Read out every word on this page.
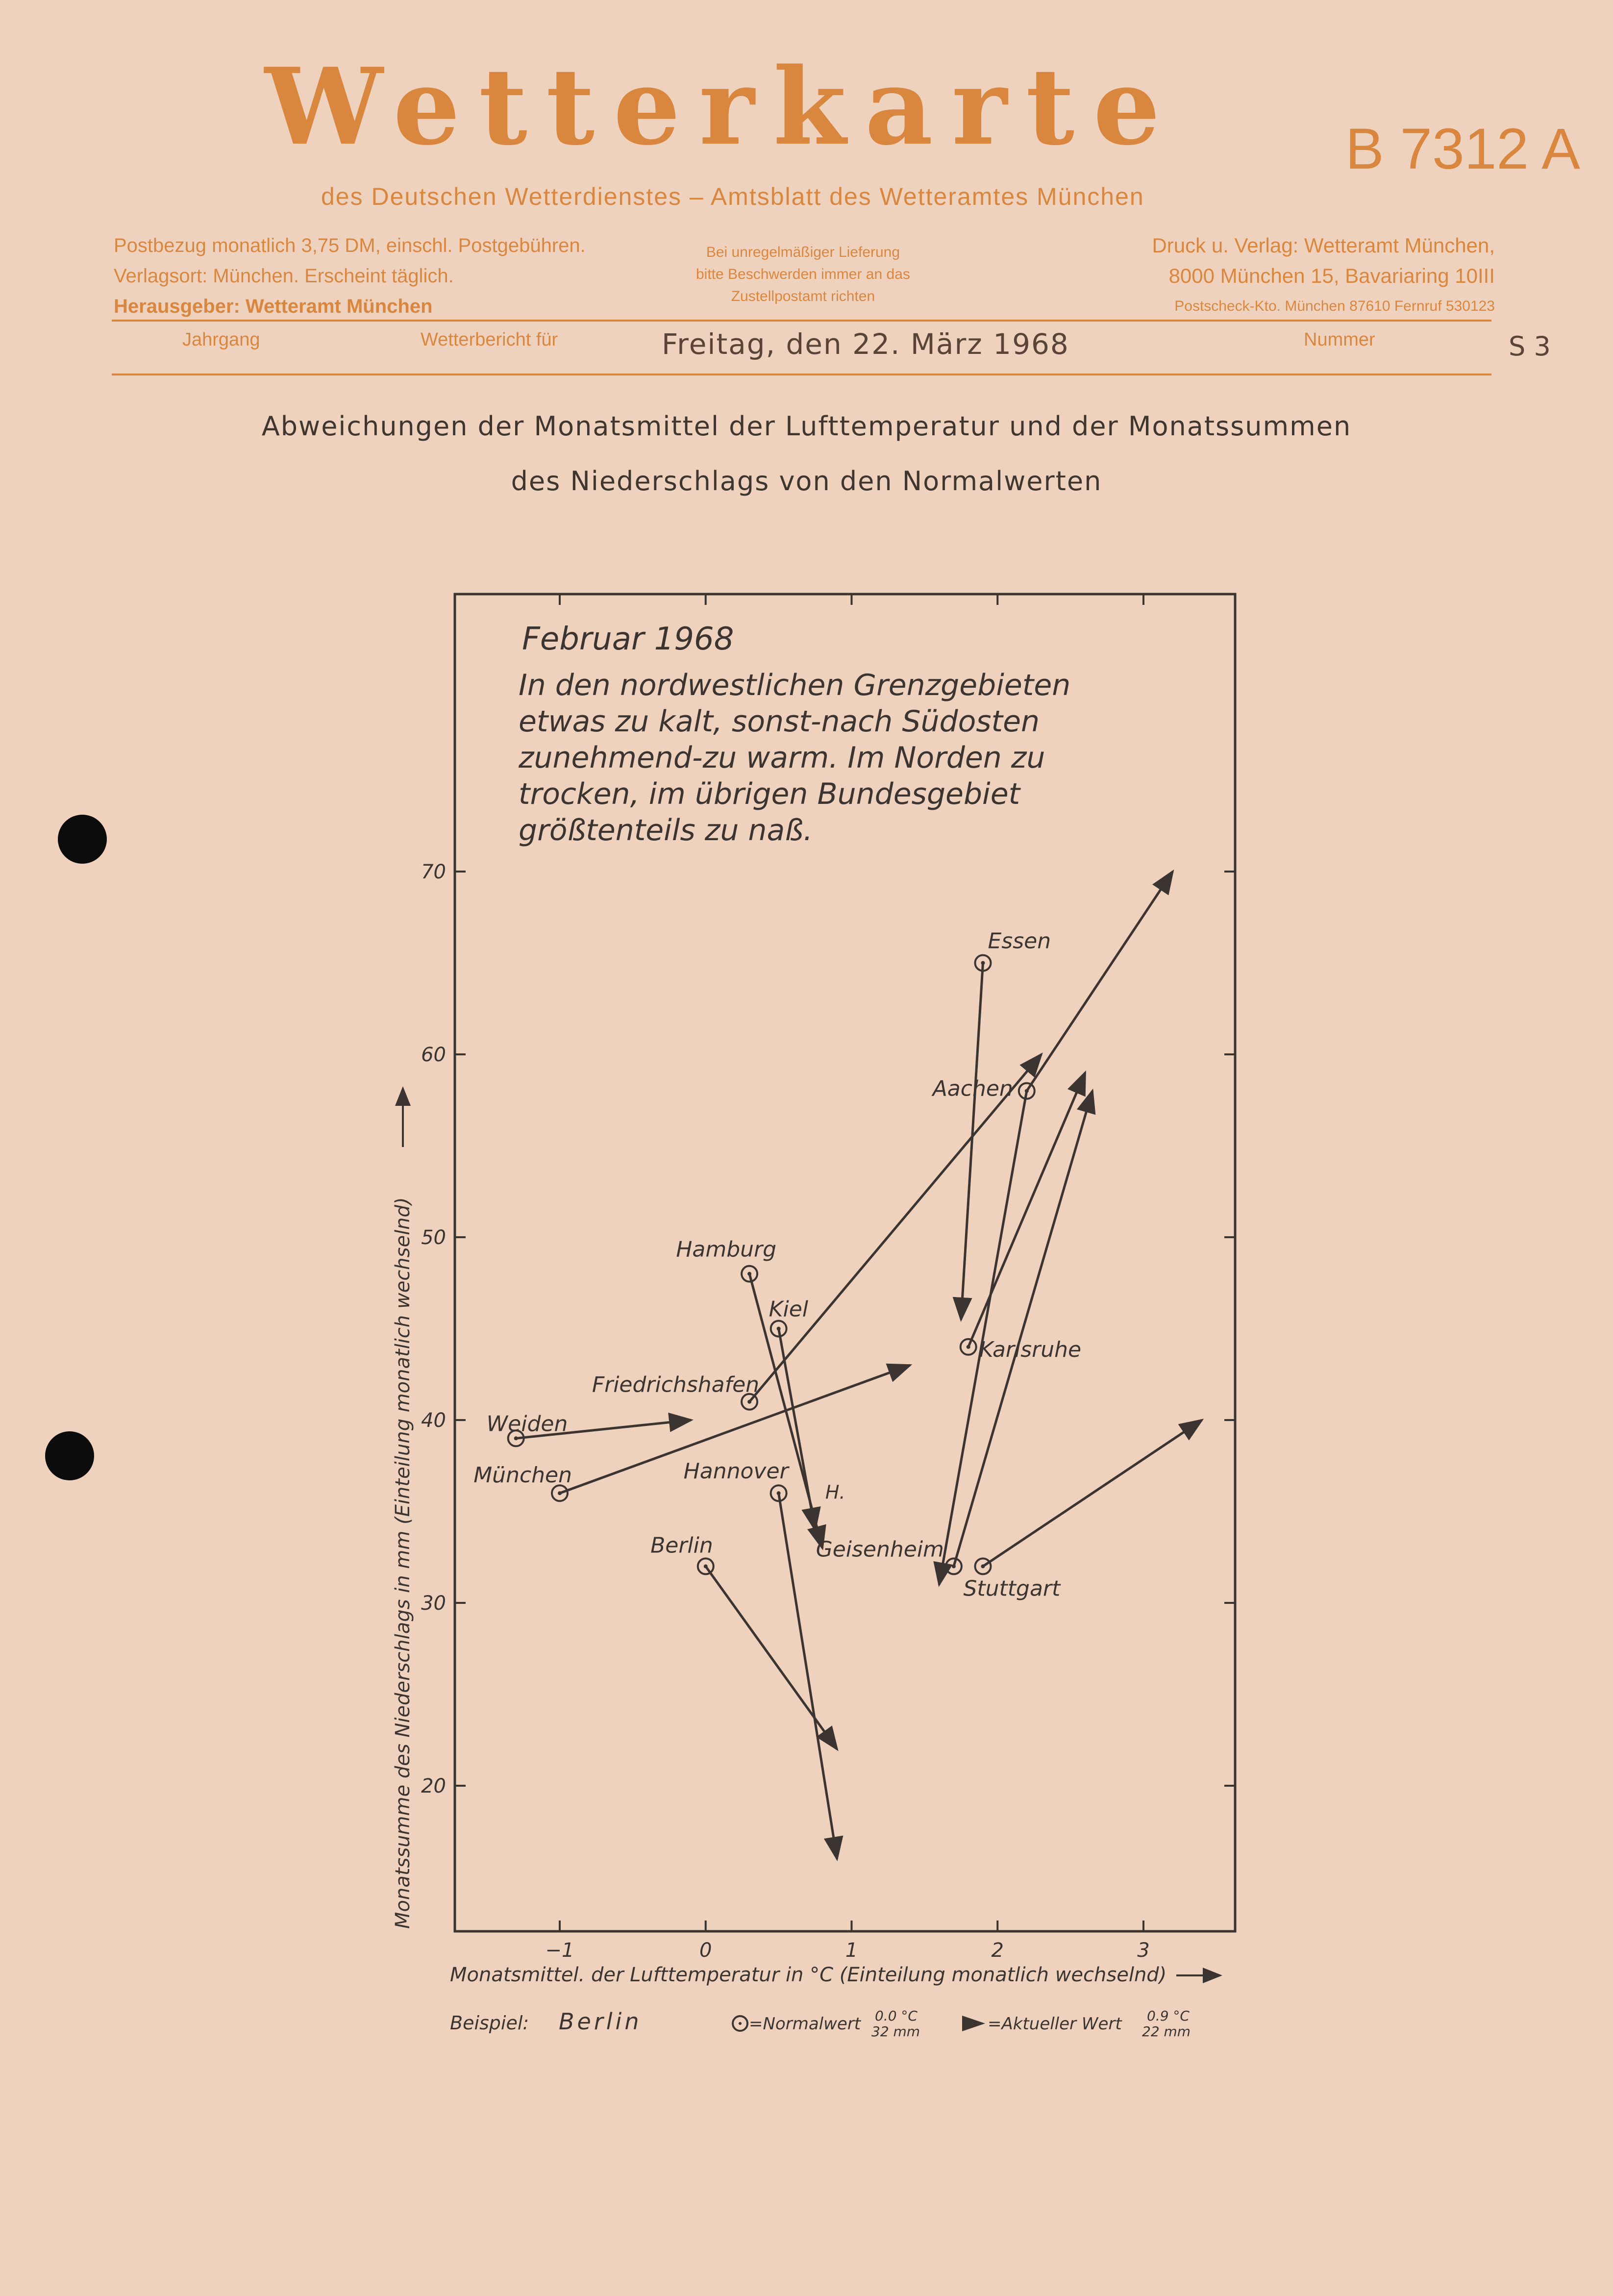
Wetterkarte	B 7312 A
des Deutschen Wetterdienstes – Amtsblatt des Wetteramtes München
Postbezug monatlich 3,75 DM, einschl. Postgebühren.
Verlagsort: München. Erscheint täglich.
Herausgeber: Wetteramt München
Bei unregelmäßiger Lieferung
bitte Beschwerden immer an das
Zustellpostamt richten
Druck u. Verlag: Wetteramt München,
8000 München 15, Bavariaring 10III
Postscheck-Kto. München 87610 Fernruf 530123
Jahrgang	Wetterbericht für	Freitag, den 22. März 1968	Nummer	S 3
Abweichungen der Monatsmittel der Lufttemperatur und der Monatssummen
des Niederschlags von den Normalwerten
−1	0	1	2	3
20
30
40
50
60
70
Essen
Aachen
Hamburg
Kiel
Karlsruhe
Friedrichshafen
Weiden
München	Hannover
Geisenheim
Stuttgart
Berlin
H.
Februar 1968
In den nordwestlichen Grenzgebieten
etwas zu kalt, sonst-nach Südosten
zunehmend-zu warm. Im Norden zu
trocken, im übrigen Bundesgebiet
größtenteils zu naß.
Monatsmittel. der Lufttemperatur in °C (Einteilung monatlich wechselnd)
Monatssumme des Niederschlags in mm (Einteilung monatlich wechselnd)
Beispiel: Berlin	=Normalwert 0.0 °C
32 mm	=Aktueller Wert 0.9 °C
22 mm
